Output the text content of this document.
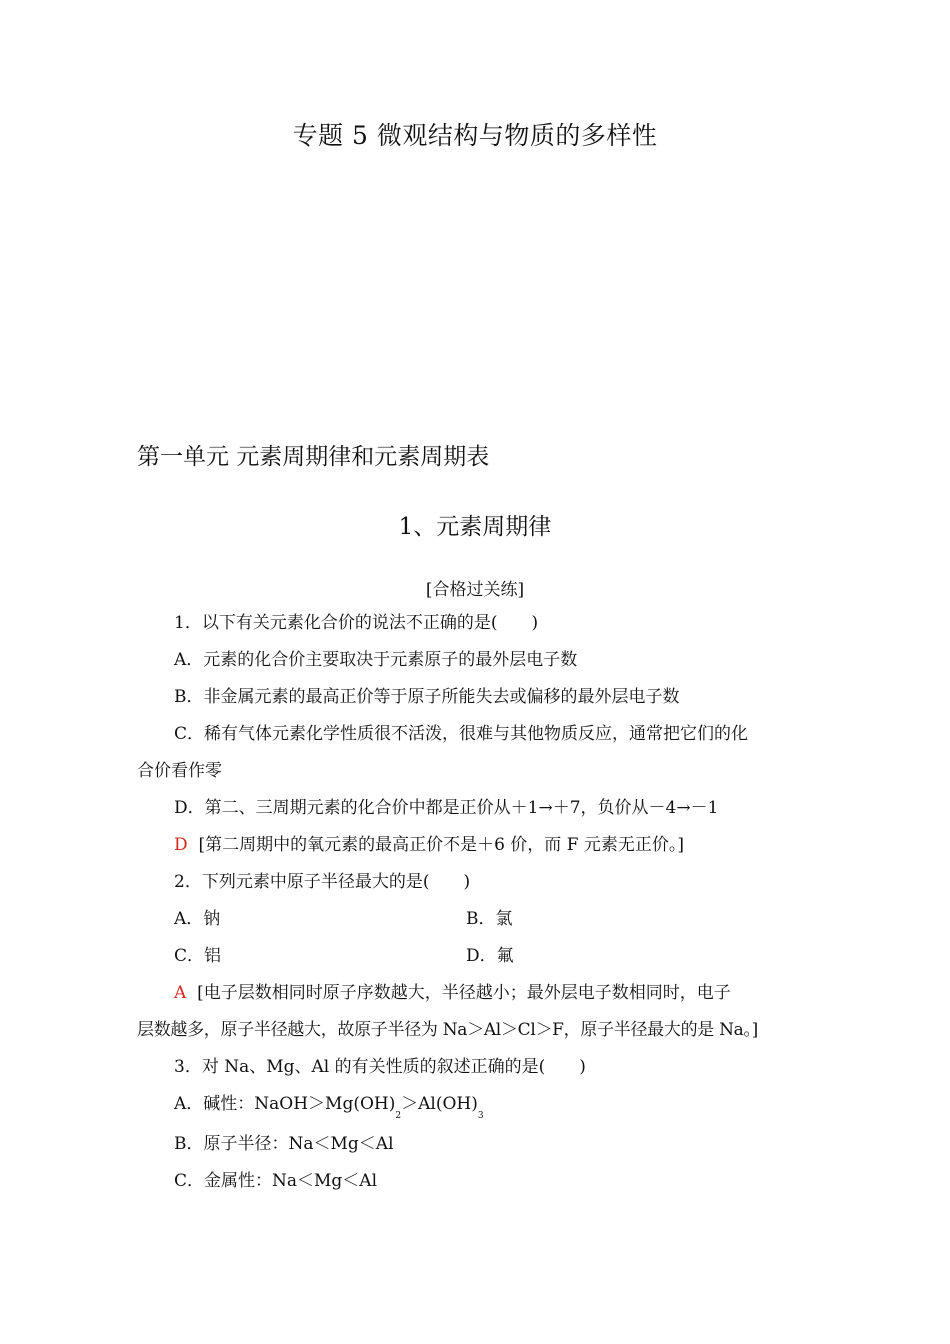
专题 5 微观结构与物质的多样性
第一单元 元素周期律和元素周期表
1、元素周期律
[合格过关练]
1．以下有关元素化合价的说法不正确的是(　　)
A．元素的化合价主要取决于元素原子的最外层电子数
B．非金属元素的最高正价等于原子所能失去或偏移的最外层电子数
C．稀有气体元素化学性质很不活泼，很难与其他物质反应，通常把它们的化
合价看作零
D．第二、三周期元素的化合价中都是正价从＋1→＋7，负价从－4→－1
D [第二周期中的氧元素的最高正价不是＋6 价，而 F 元素无正价。]
2．下列元素中原子半径最大的是(　　)
A．钠	B．氯
C．铝	D．氟
A [电子层数相同时原子序数越大，半径越小；最外层电子数相同时，电子
层数越多，原子半径越大，故原子半径为 Na＞Al＞Cl＞F，原子半径最大的是 Na。]
3．对 Na、Mg、Al 的有关性质的叙述正确的是(　　)
A．碱性：$NaOH>Mg(OH)_2>Al(OH)_3$
B．原子半径：Na＜Mg＜Al
C．金属性：Na＜Mg＜Al
